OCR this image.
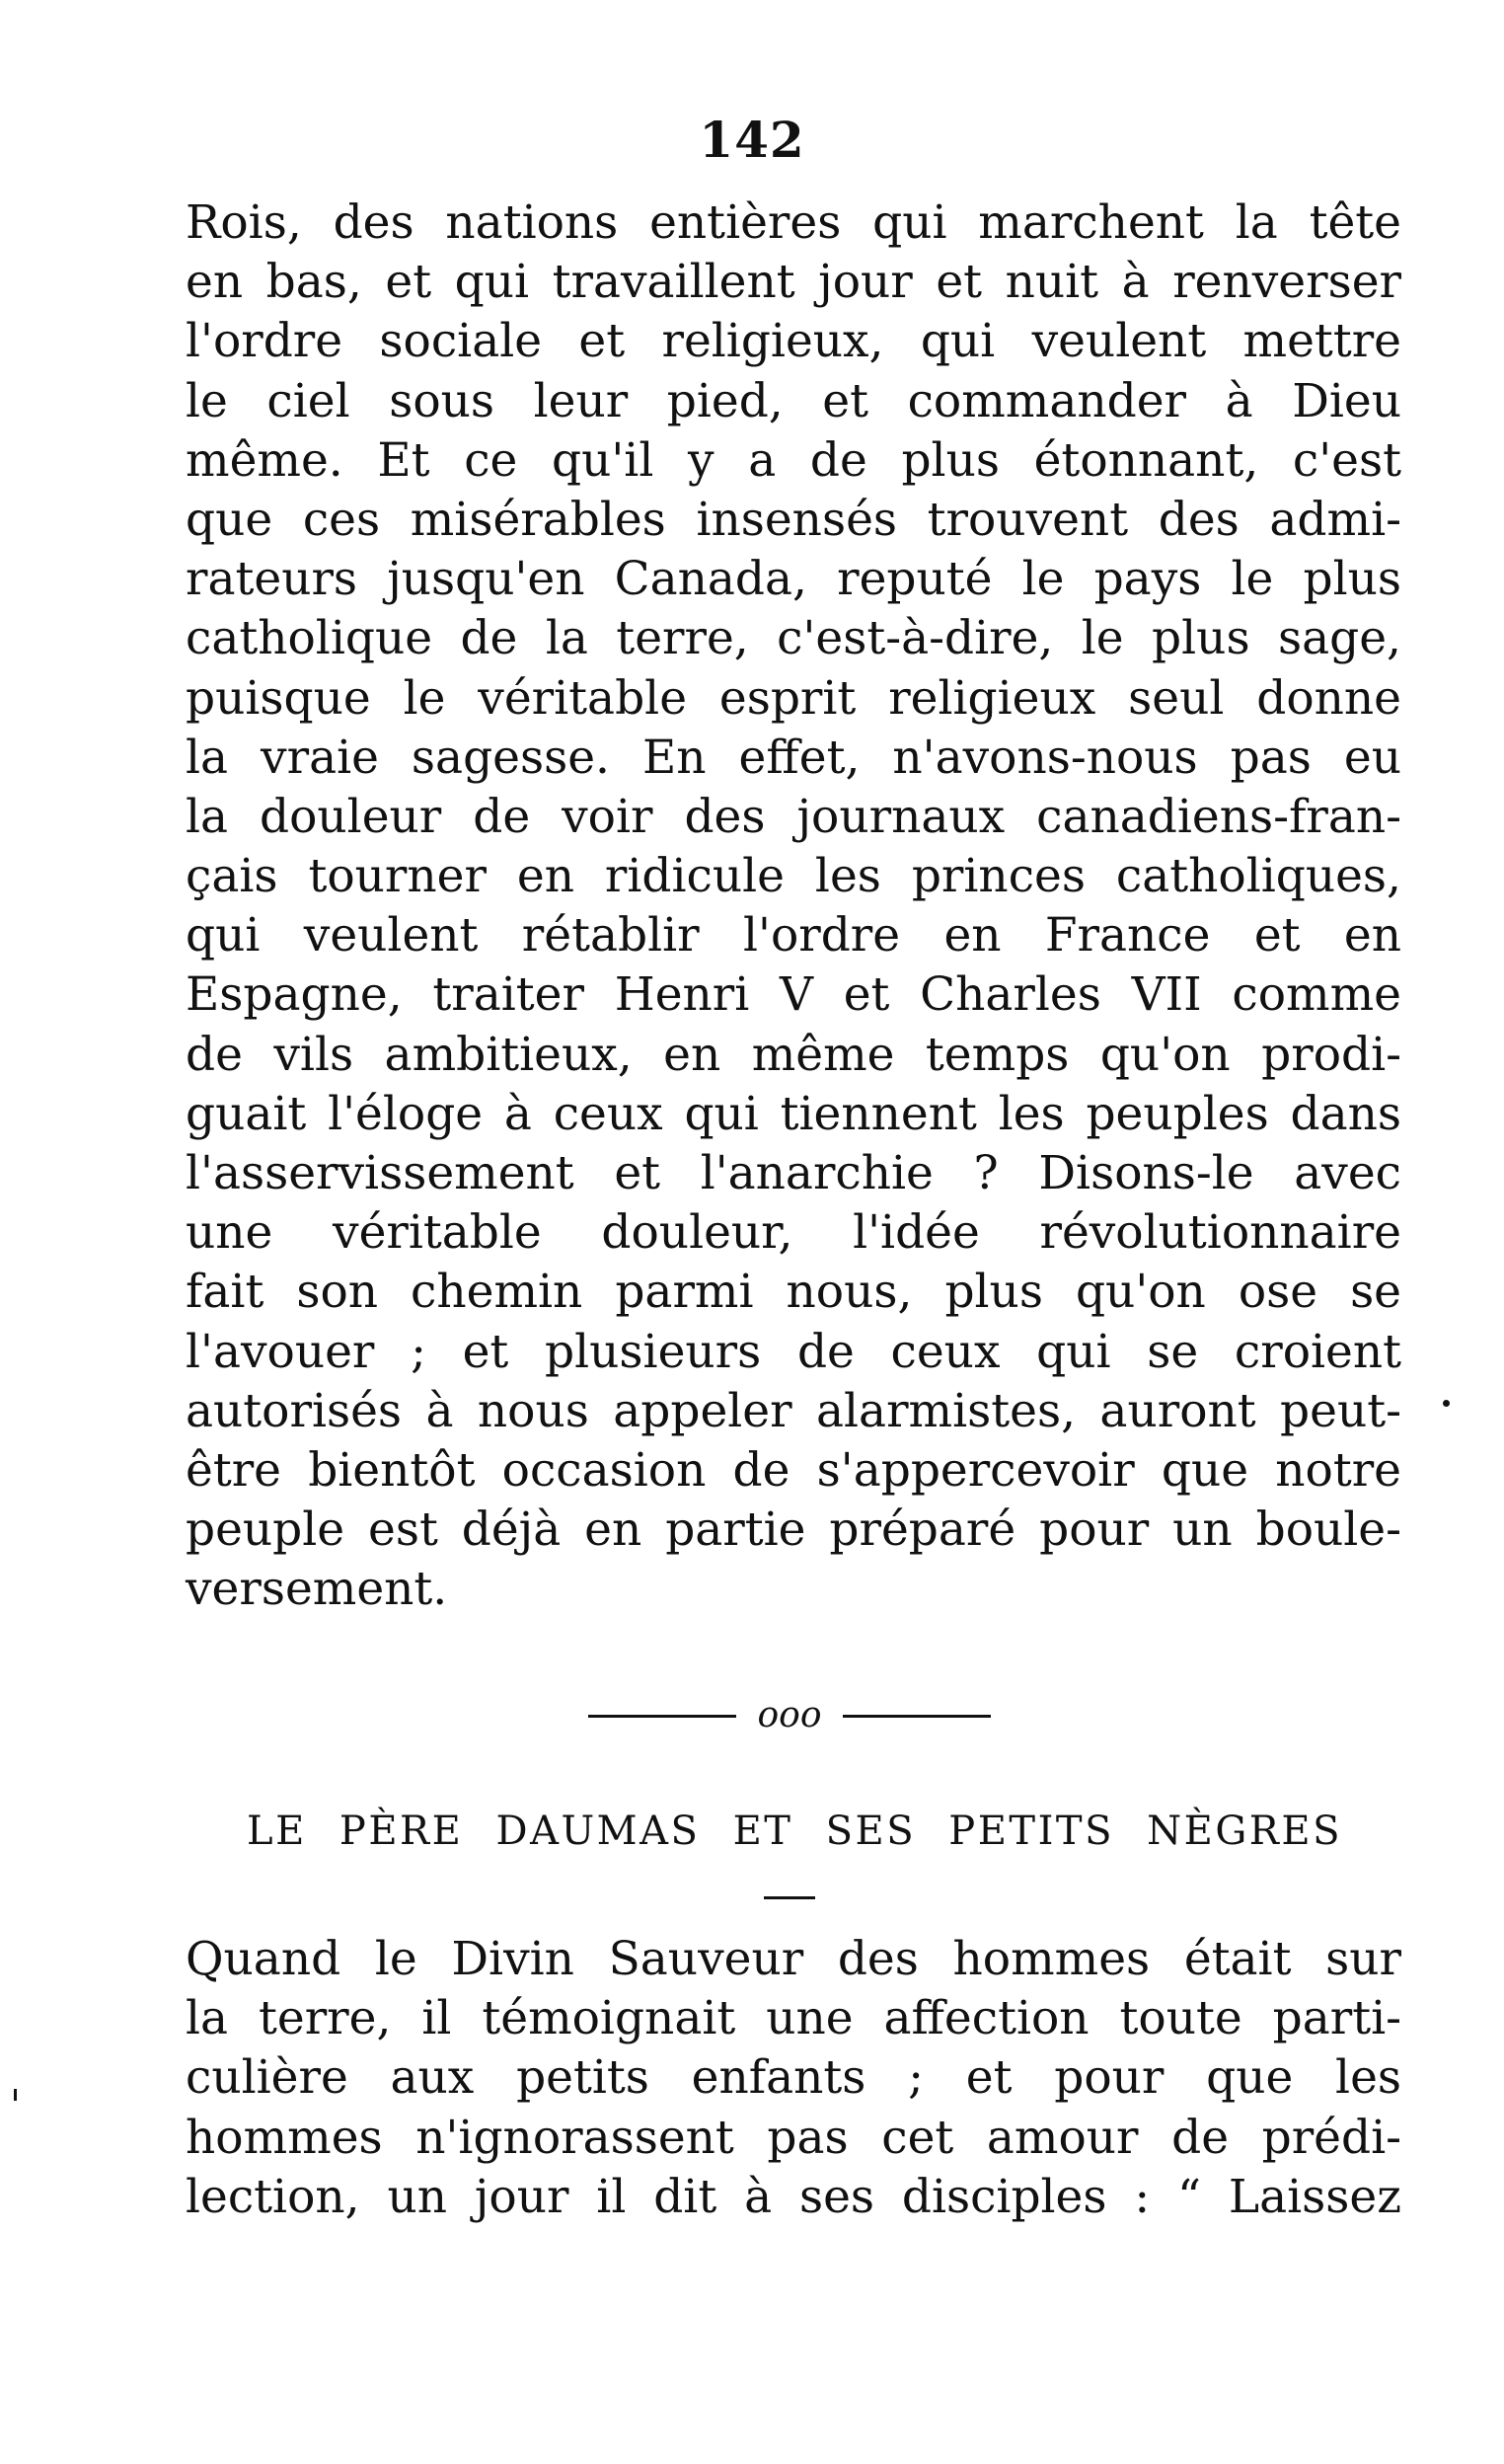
142
Rois, des nations entières qui marchent la tête
en bas, et qui travaillent jour et nuit à renverser
l'ordre sociale et religieux, qui veulent mettre
le ciel sous leur pied, et commander à Dieu
même. Et ce qu'il y a de plus étonnant, c'est
que ces misérables insensés trouvent des admi-
rateurs jusqu'en Canada, reputé le pays le plus
catholique de la terre, c'est-à-dire, le plus sage,
puisque le véritable esprit religieux seul donne
la vraie sagesse. En effet, n'avons-nous pas eu
la douleur de voir des journaux canadiens-fran-
çais tourner en ridicule les princes catholiques,
qui veulent rétablir l'ordre en France et en
Espagne, traiter Henri V et Charles VII comme
de vils ambitieux, en même temps qu'on prodi-
guait l'éloge à ceux qui tiennent les peuples dans
l'asservissement et l'anarchie ? Disons-le avec
une véritable douleur, l'idée révolutionnaire
fait son chemin parmi nous, plus qu'on ose se
l'avouer ; et plusieurs de ceux qui se croient
autorisés à nous appeler alarmistes, auront peut-
être bientôt occasion de s'appercevoir que notre
peuple est déjà en partie préparé pour un boule-
versement.
ooo
LE PÈRE DAUMAS ET SES PETITS NÈGRES
Quand le Divin Sauveur des hommes était sur
la terre, il témoignait une affection toute parti-
culière aux petits enfants ; et pour que les
hommes n'ignorassent pas cet amour de prédi-
lection, un jour il dit à ses disciples : “ Laissez
